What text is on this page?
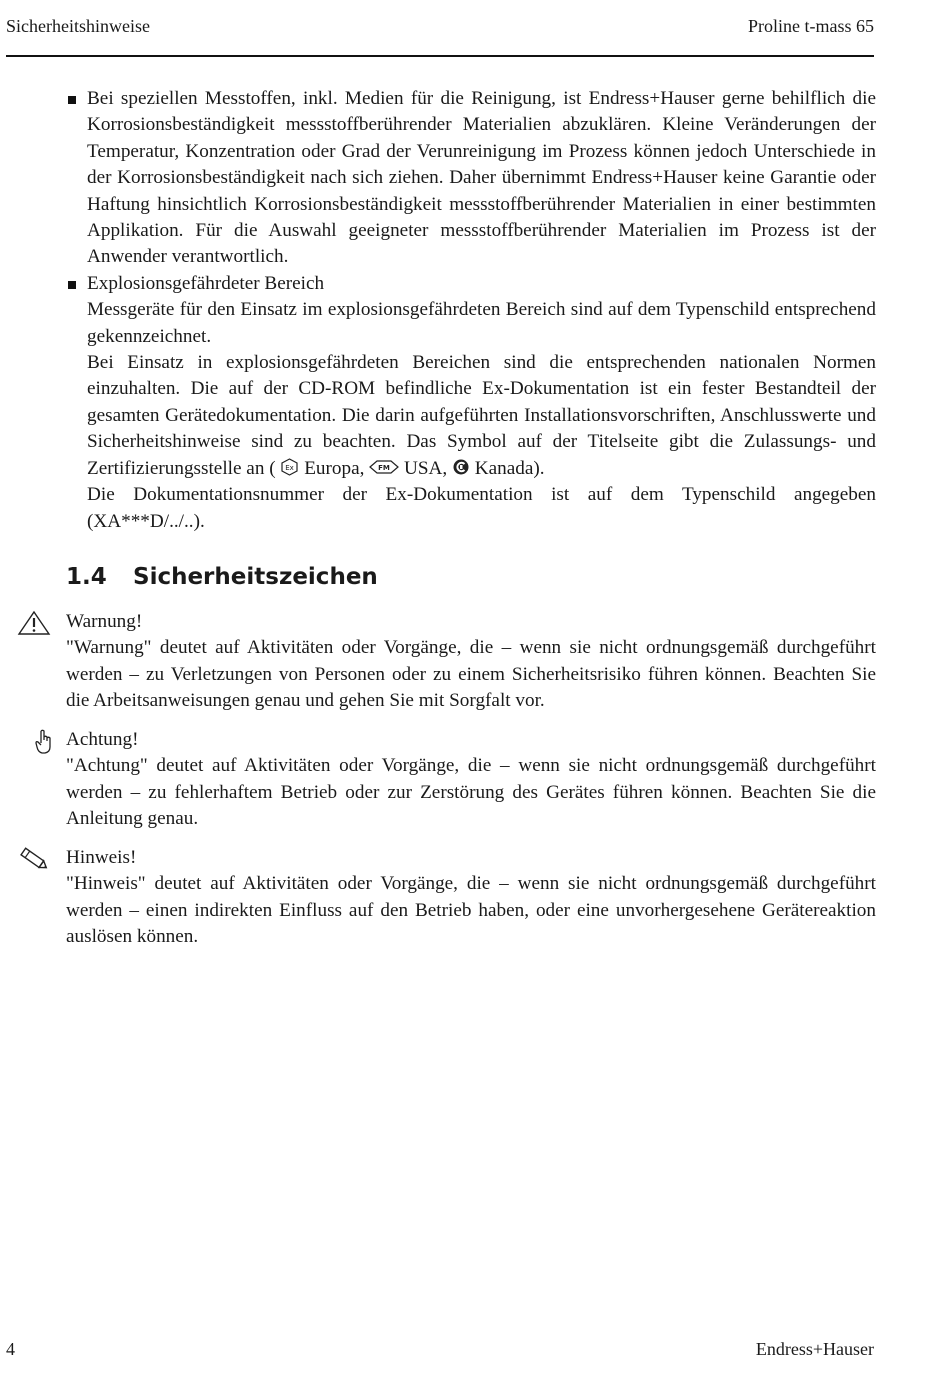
Sicherheitshinweise	Proline t-mass 65

Bei speziellen Messtoffen, inkl. Medien für die Reinigung, ist Endress+Hauser gerne behilflich die Korrosionsbeständigkeit messstoffberührender Materialien abzuklären. Kleine Veränderungen der Temperatur, Konzentration oder Grad der Verunreinigung im Prozess können jedoch Unterschiede in der Korrosionsbeständigkeit nach sich ziehen. Daher übernimmt Endress+Hauser keine Garantie oder Haftung hinsichtlich Korrosionsbeständigkeit messstoffberührender Materialien in einer bestimmten Applikation. Für die Auswahl geeigneter messstoffberührender Materialien im Prozess ist der Anwender verantwortlich.

Explosionsgefährdeter Bereich

Messgeräte für den Einsatz im explosionsgefährdeten Bereich sind auf dem Typenschild entsprechend gekennzeichnet.

Bei Einsatz in explosionsgefährdeten Bereichen sind die entsprechenden nationalen Normen einzuhalten. Die auf der CD-ROM befindliche Ex-Dokumentation ist ein fester Bestandteil der gesamten Gerätedokumentation. Die darin aufgeführten Installationsvorschriften, Anschlusswerte und Sicherheitshinweise sind zu beachten. Das Symbol auf der Titelseite gibt die Zulassungs- und Zertifizierungsstelle an ( Ex Europa, FM USA, Kanada).

Die Dokumentationsnummer der Ex-Dokumentation ist auf dem Typenschild angegeben (XA***D/../..).

1.4 Sicherheitszeichen

Warnung!

"Warnung" deutet auf Aktivitäten oder Vorgänge, die – wenn sie nicht ordnungsgemäß durchgeführt werden – zu Verletzungen von Personen oder zu einem Sicherheitsrisiko führen können. Beachten Sie die Arbeitsanweisungen genau und gehen Sie mit Sorgfalt vor.

Achtung!

"Achtung" deutet auf Aktivitäten oder Vorgänge, die – wenn sie nicht ordnungsgemäß durchgeführt werden – zu fehlerhaftem Betrieb oder zur Zerstörung des Gerätes führen können. Beachten Sie die Anleitung genau.

Hinweis!

"Hinweis" deutet auf Aktivitäten oder Vorgänge, die – wenn sie nicht ordnungsgemäß durchgeführt werden – einen indirekten Einfluss auf den Betrieb haben, oder eine unvorhergesehene Gerätereaktion auslösen können.

4	Endress+Hauser
